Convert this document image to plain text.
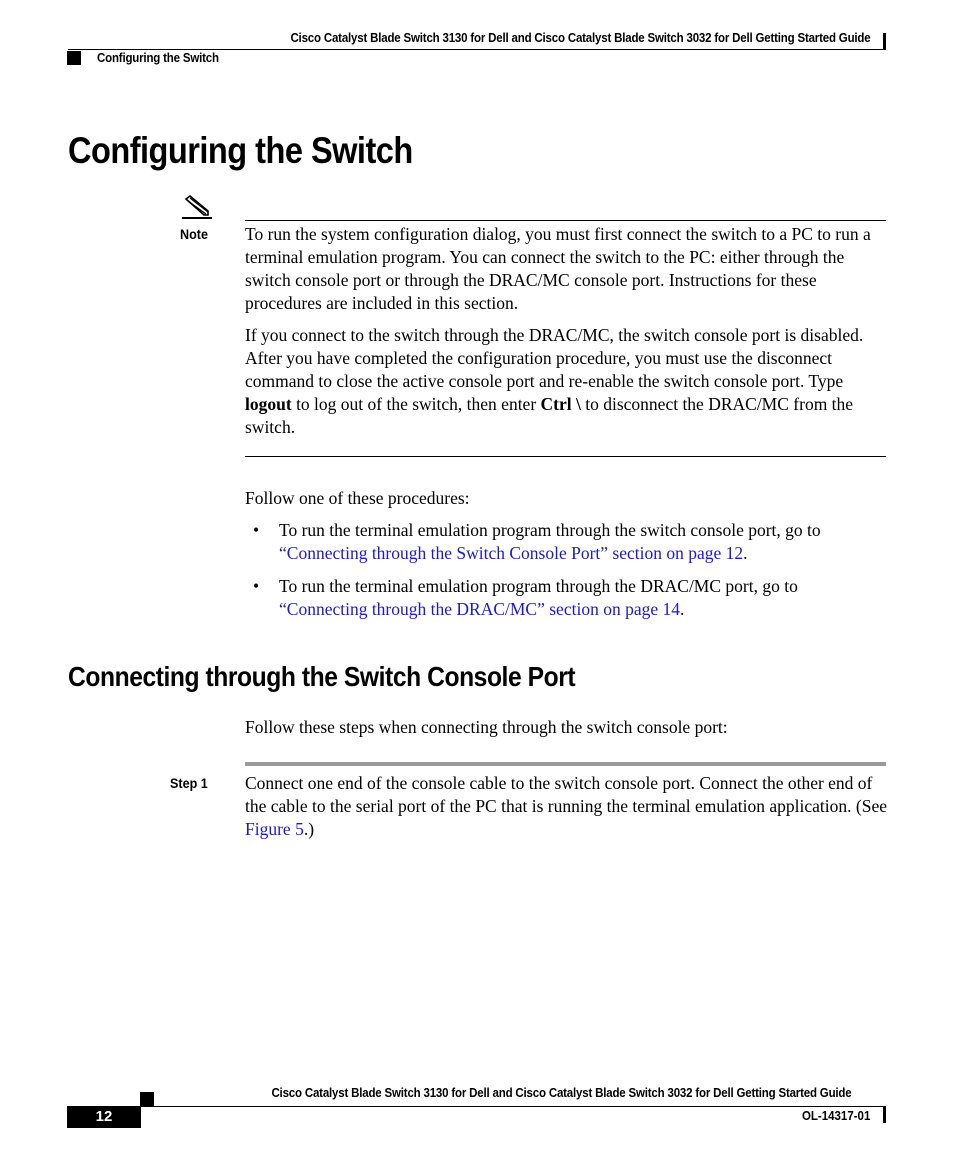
Cisco Catalyst Blade Switch 3130 for Dell and Cisco Catalyst Blade Switch 3032 for Dell Getting Started Guide
Configuring the Switch
Configuring the Switch
Note To run the system configuration dialog, you must first connect the switch to a PC to run a terminal emulation program. You can connect the switch to the PC: either through the switch console port or through the DRAC/MC console port. Instructions for these procedures are included in this section.

If you connect to the switch through the DRAC/MC, the switch console port is disabled. After you have completed the configuration procedure, you must use the disconnect command to close the active console port and re-enable the switch console port. Type logout to log out of the switch, then enter Ctrl \ to disconnect the DRAC/MC from the switch.

Follow one of these procedures:

• To run the terminal emulation program through the switch console port, go to “Connecting through the Switch Console Port” section on page 12.

• To run the terminal emulation program through the DRAC/MC port, go to “Connecting through the DRAC/MC” section on page 14.

Connecting through the Switch Console Port

Follow these steps when connecting through the switch console port:

Step 1 Connect one end of the console cable to the switch console port. Connect the other end of the cable to the serial port of the PC that is running the terminal emulation application. (See Figure 5.)

Cisco Catalyst Blade Switch 3130 for Dell and Cisco Catalyst Blade Switch 3032 for Dell Getting Started Guide
12	OL-14317-01
